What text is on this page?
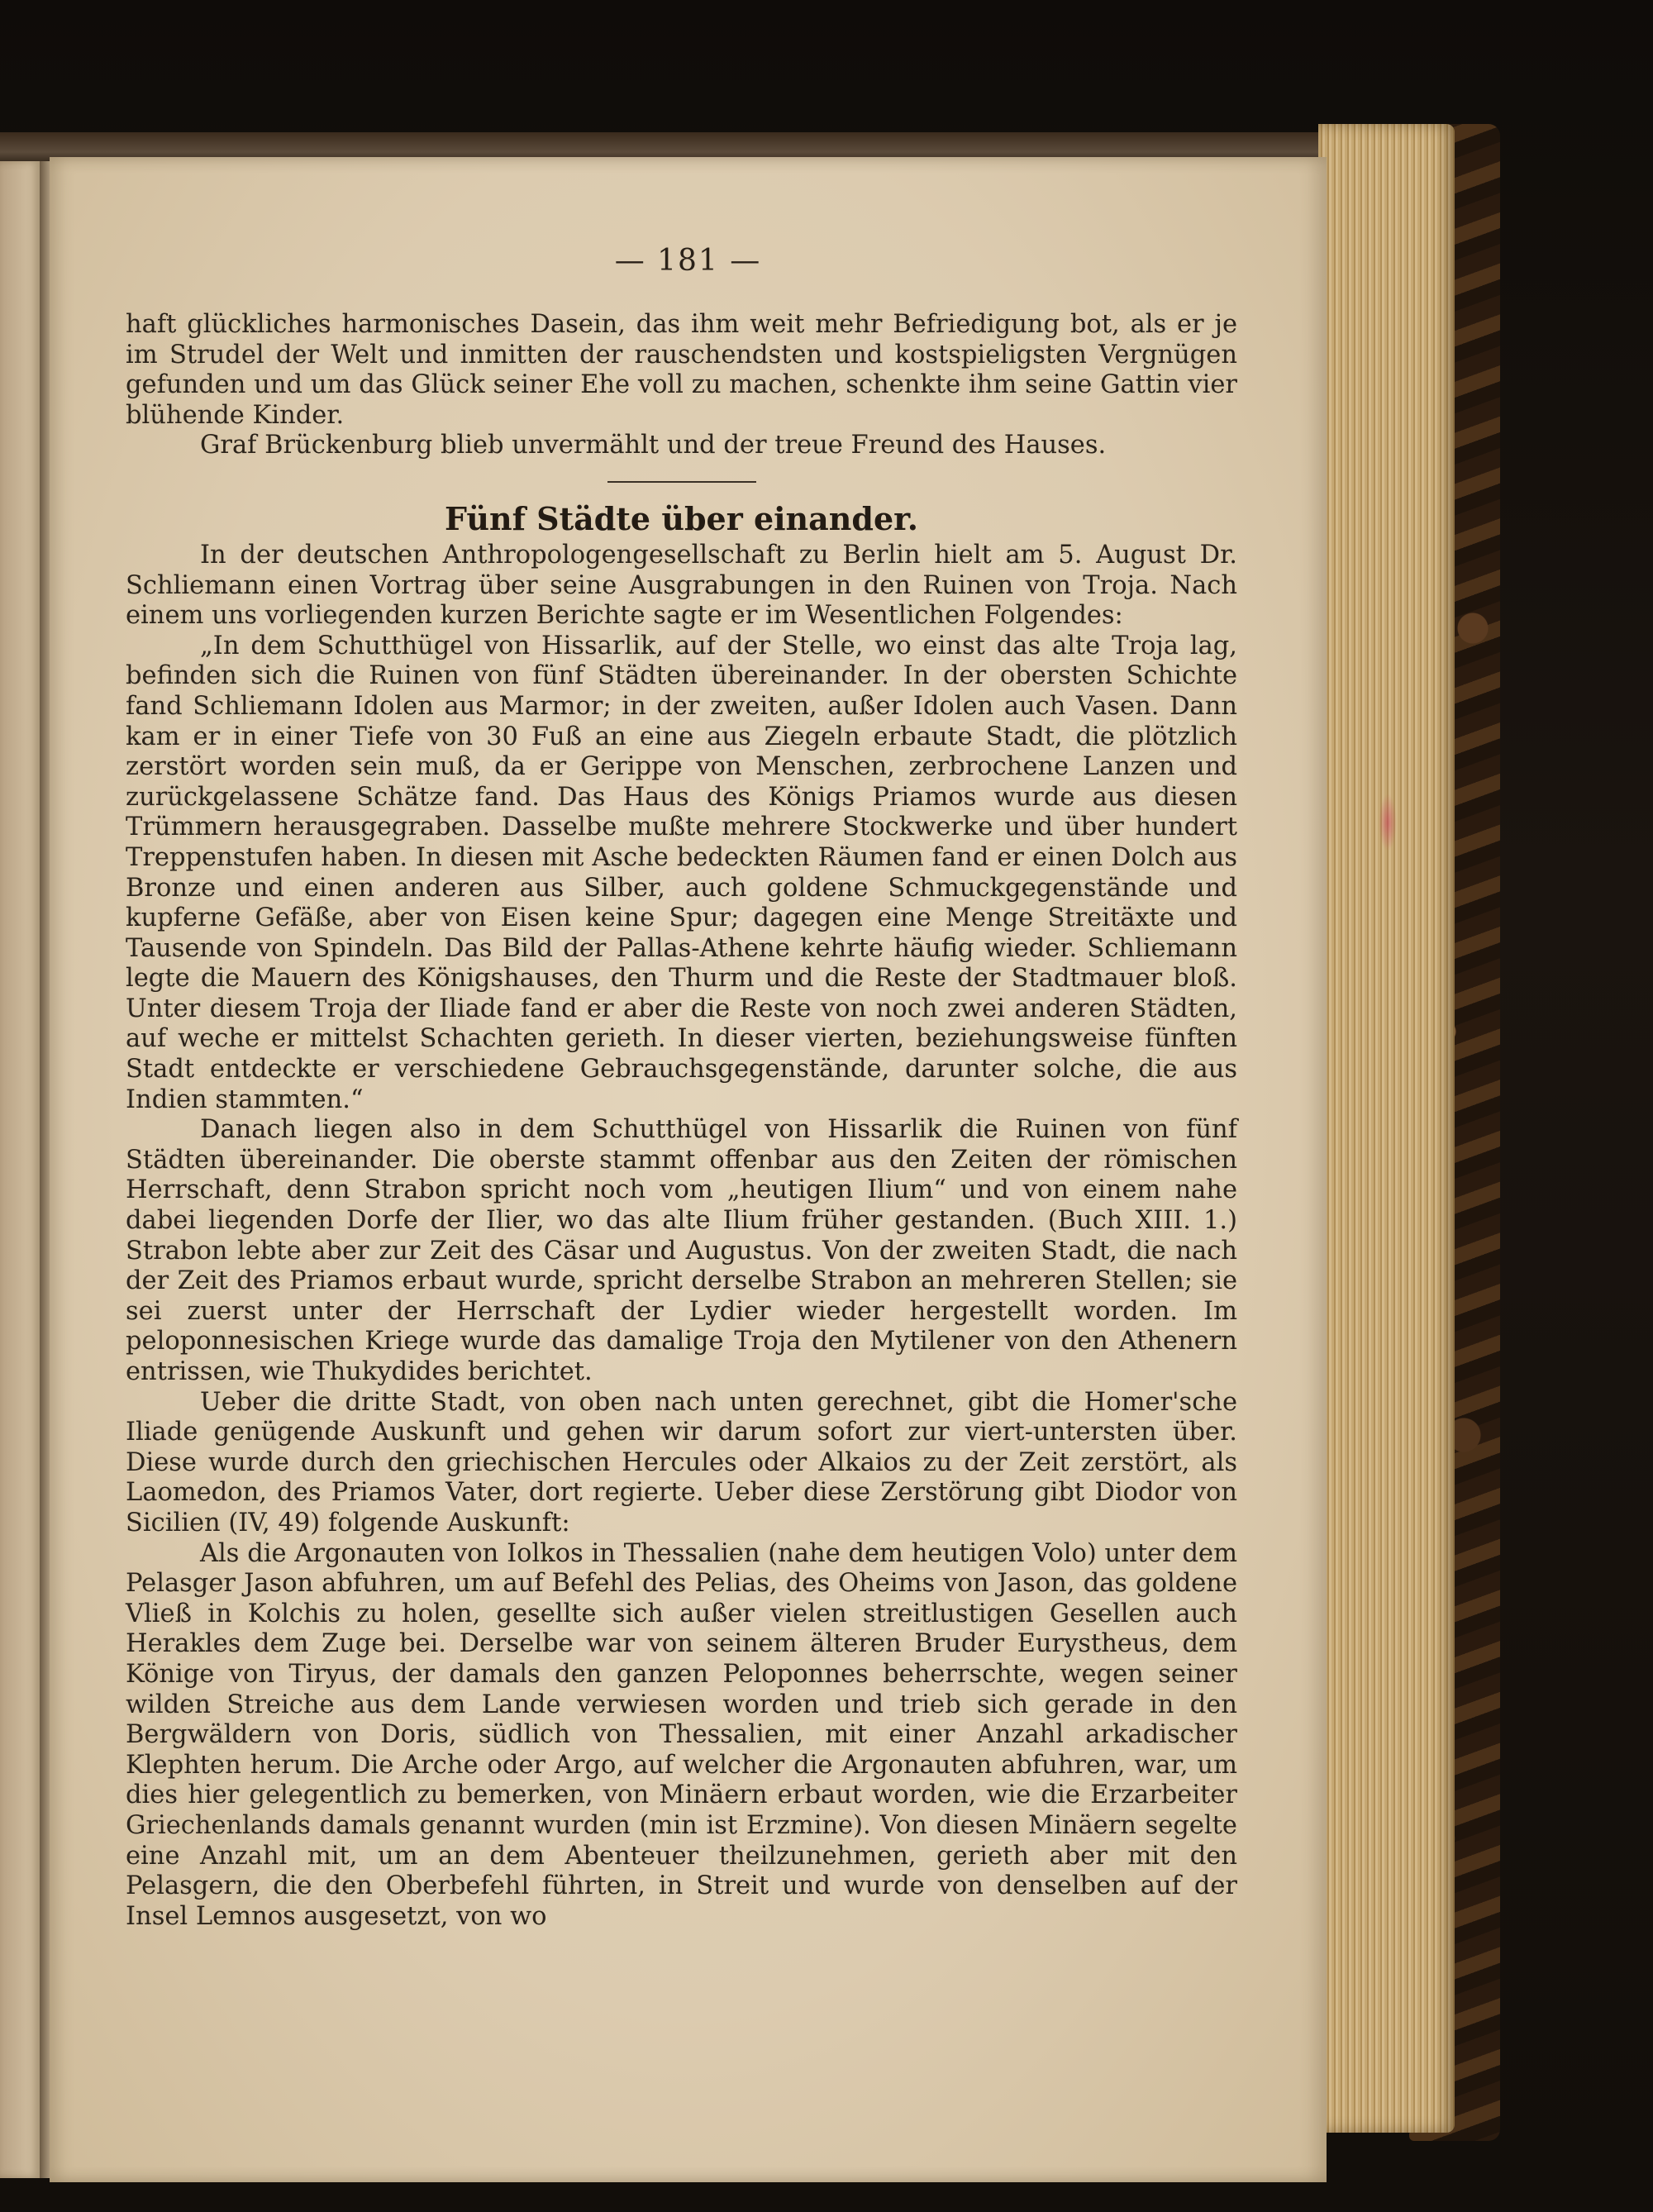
— 181 —

haft glückliches harmonisches Dasein, das ihm weit mehr Befriedigung bot, als er je im Strudel der Welt und inmitten der rauschendsten und kostspieligsten Vergnügen gefunden und um das Glück seiner Ehe voll zu machen, schenkte ihm seine Gattin vier blühende Kinder.

Graf Brückenburg blieb unvermählt und der treue Freund des Hauses.

Fünf Städte über einander.

In der deutschen Anthropologengesellschaft zu Berlin hielt am 5. August Dr. Schliemann einen Vortrag über seine Ausgrabungen in den Ruinen von Troja. Nach einem uns vorliegenden kurzen Berichte sagte er im Wesentlichen Folgendes:

„In dem Schutthügel von Hissarlik, auf der Stelle, wo einst das alte Troja lag, befinden sich die Ruinen von fünf Städten übereinander. In der obersten Schichte fand Schliemann Idolen aus Marmor; in der zweiten, außer Idolen auch Vasen. Dann kam er in einer Tiefe von 30 Fuß an eine aus Ziegeln erbaute Stadt, die plötzlich zerstört worden sein muß, da er Gerippe von Menschen, zerbrochene Lanzen und zurückgelassene Schätze fand. Das Haus des Königs Priamos wurde aus diesen Trümmern herausgegraben. Dasselbe mußte mehrere Stockwerke und über hundert Treppenstufen haben. In diesen mit Asche bedeckten Räumen fand er einen Dolch aus Bronze und einen anderen aus Silber, auch goldene Schmuckgegenstände und kupferne Gefäße, aber von Eisen keine Spur; dagegen eine Menge Streitäxte und Tausende von Spindeln. Das Bild der Pallas-Athene kehrte häufig wieder. Schliemann legte die Mauern des Königshauses, den Thurm und die Reste der Stadtmauer bloß. Unter diesem Troja der Iliade fand er aber die Reste von noch zwei anderen Städten, auf weche er mittelst Schachten gerieth. In dieser vierten, beziehungsweise fünften Stadt entdeckte er verschiedene Gebrauchsgegenstände, darunter solche, die aus Indien stammten.“

Danach liegen also in dem Schutthügel von Hissarlik die Ruinen von fünf Städten übereinander. Die oberste stammt offenbar aus den Zeiten der römischen Herrschaft, denn Strabon spricht noch vom „heutigen Ilium“ und von einem nahe dabei liegenden Dorfe der Ilier, wo das alte Ilium früher gestanden. (Buch XIII. 1.) Strabon lebte aber zur Zeit des Cäsar und Augustus. Von der zweiten Stadt, die nach der Zeit des Priamos erbaut wurde, spricht derselbe Strabon an mehreren Stellen; sie sei zuerst unter der Herrschaft der Lydier wieder hergestellt worden. Im peloponnesischen Kriege wurde das damalige Troja den Mytilener von den Athenern entrissen, wie Thukydides berichtet.

Ueber die dritte Stadt, von oben nach unten gerechnet, gibt die Homer'sche Iliade genügende Auskunft und gehen wir darum sofort zur viert-untersten über. Diese wurde durch den griechischen Hercules oder Alkaios zu der Zeit zerstört, als Laomedon, des Priamos Vater, dort regierte. Ueber diese Zerstörung gibt Diodor von Sicilien (IV, 49) folgende Auskunft:

Als die Argonauten von Iolkos in Thessalien (nahe dem heutigen Volo) unter dem Pelasger Jason abfuhren, um auf Befehl des Pelias, des Oheims von Jason, das goldene Vließ in Kolchis zu holen, gesellte sich außer vielen streitlustigen Gesellen auch Herakles dem Zuge bei. Derselbe war von seinem älteren Bruder Eurystheus, dem Könige von Tiryus, der damals den ganzen Peloponnes beherrschte, wegen seiner wilden Streiche aus dem Lande verwiesen worden und trieb sich gerade in den Bergwäldern von Doris, südlich von Thessalien, mit einer Anzahl arkadischer Klephten herum. Die Arche oder Argo, auf welcher die Argonauten abfuhren, war, um dies hier gelegentlich zu bemerken, von Minäern erbaut worden, wie die Erzarbeiter Griechenlands damals genannt wurden (min ist Erzmine). Von diesen Minäern segelte eine Anzahl mit, um an dem Abenteuer theilzunehmen, gerieth aber mit den Pelasgern, die den Oberbefehl führten, in Streit und wurde von denselben auf der Insel Lemnos ausgesetzt, von wo
